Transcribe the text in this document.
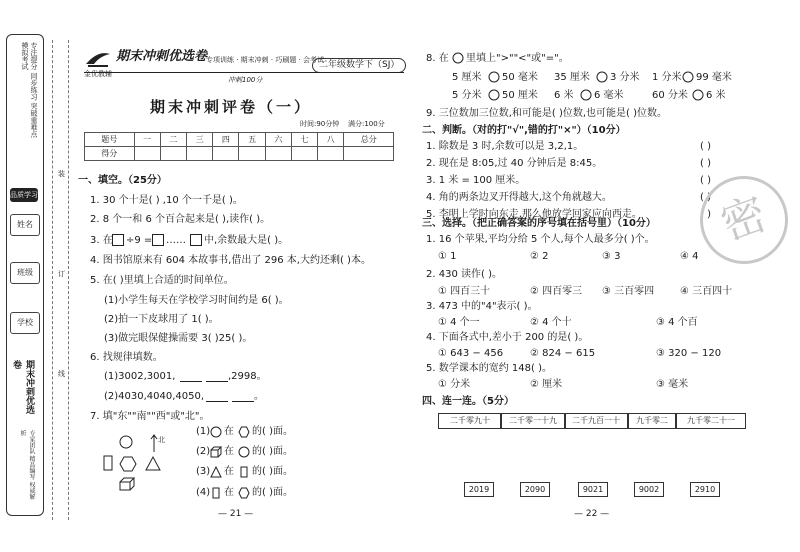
专注提分 同步练习 突破重难点 模拟考试
品质学习
姓名
班级
学校
期末冲刺优选卷
专家团队 精品编写 权威解析
装
订
线
金优教辅
期末冲刺优选卷
专项训练 · 期末冲刺 · 巧刷题 · 会考试
二年级数学下（SJ）
冲刺100分
期末冲刺评卷（一）
时间:90分钟 满分:100分
题号	一	二	三	四	五	六	七	八	总分
得分									
一、填空。（25分）
1. 30 个十是( ) ,10 个一千是( )。
2. 8 个一和 6 个百合起来是( ),读作( )。
3. 在 ÷9 = …… 中,余数最大是( )。
4. 图书馆原来有 604 本故事书,借出了 296 本,大约还剩( )本。
5. 在( )里填上合适的时间单位。
(1)小学生每天在学校学习时间约是 6( )。
(2)拍一下皮球用了 1( )。
(3)做完眼保健操需要 3( )25( )。
6. 找规律填数。
(1)3002,3001,	,2998。
(2)4030,4040,4050,	。
7. 填"东""南""西"或"北"。
北
(1) 在 的( )面。
(2) 在 的( )面。
(3) 在 的( )面。
(4) 在 的( )面。
— 21 —
8. 在 里填上">""<"或"="。
5 厘米 50 毫米 35 厘米 3 分米 1 分米 99 毫米
5 分米 50 厘米 6 米 6 毫米	60 分米 6 米
9. 三位数加三位数,和可能是( )位数,也可能是( )位数。
二、判断。（对的打"√",错的打"×"）（10分）
1. 除数是 3 时,余数可以是 3,2,1。	( )
2. 现在是 8:05,过 40 分钟后是 8:45。	( )
3. 1 米 = 100 厘米。	( )
4. 角的两条边叉开得越大,这个角就越大。	( )
5. 李明上学时向东走,那么他放学回家应向西走。	( ) 密
三、选择。（把正确答案的序号填在括号里）（10分）
1. 16 个苹果,平均分给 5 个人,每个人最多分( )个。
① 1	② 2	③ 3	④ 4
2. 430 读作( )。
① 四百三十	② 四百零三 ③ 三百零四	④ 三百四十
3. 473 中的"4"表示( )。
① 4 个一	② 4 个十	③ 4 个百
4. 下面各式中,差小于 200 的是( )。
① 643 − 456	② 824 − 615	③ 320 − 120
5. 数学课本的宽约 148( )。
① 分米	② 厘米	③ 毫米
四、连一连。（5分）
二千零九十	二千零一十九	二千九百一十	九千零二	九千零二十一
2019	2090	9021	9002	2910
— 22 —
